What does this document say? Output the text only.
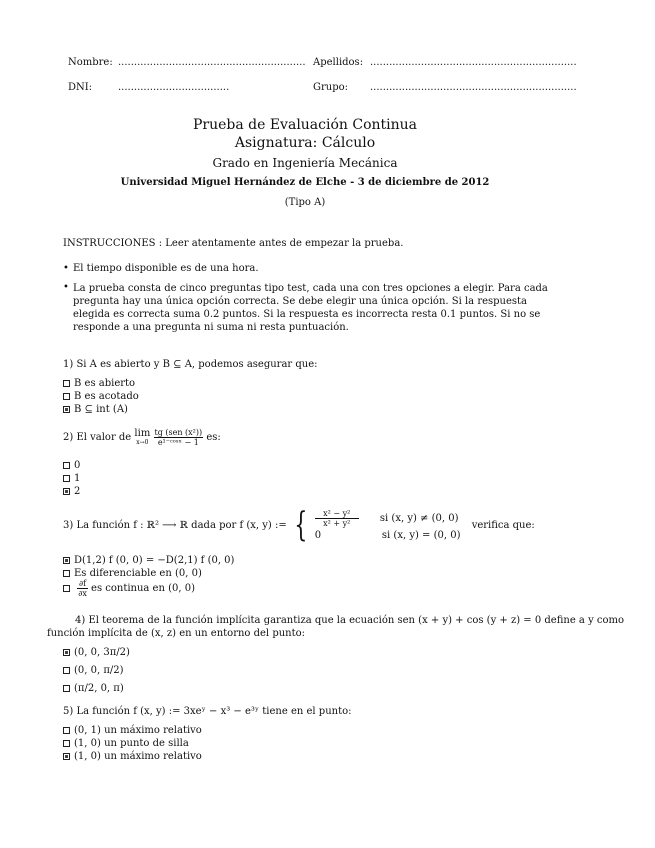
Nombre: ........................................................... Apellidos: .................................................................
DNI:	...................................	Grupo: .................................................................
Prueba de Evaluación Continua
Asignatura: Cálculo
Grado en Ingeniería Mecánica
Universidad Miguel Hernández de Elche - 3 de diciembre de 2012
(Tipo A)
INSTRUCCIONES : Leer atentamente antes de empezar la prueba.
• El tiempo disponible es de una hora.
• La prueba consta de cinco preguntas tipo test, cada una con tres opciones a elegir. Para cada pregunta hay una única opción correcta. Se debe elegir una única opción. Si la respuesta elegida es correcta suma 0.2 puntos. Si la respuesta es incorrecta resta 0.1 puntos. Si no se responde a una pregunta ni suma ni resta puntuación.
1) Si A es abierto y B ⊆ A, podemos asegurar que:
B es abierto
B es acotado
B ⊆ int (A)
2) El valor de lim
x→0
$\frac{\text{tg (sen (x²))}}{\text{e¹⁻ᶜᵒˢˣ − 1}}$ es:
0
1
2
3) La función f : ℝ² ⟶ ℝ dada por f (x, y) := { $\frac{\text{x² − y²}}{\text{x² + y²}}$ si (x, y) ≠ (0, 0)
0	si (x, y) = (0, 0)
verifica que:
D(1,2) f (0, 0) = −D(2,1) f (0, 0)
Es diferenciable en (0, 0)

$\frac{\partial f}{\partial x}$ es continua en (0, 0)
4) El teorema de la función implícita garantiza que la ecuación sen (x + y) + cos (y + z) = 0 define a y como
función implícita de (x, z) en un entorno del punto:
(0, 0, 3π/2)
(0, 0, π/2)
(π/2, 0, π)
5) La función f (x, y) := 3xeʸ − x³ − e³ʸ tiene en el punto:
(0, 1) un máximo relativo
(1, 0) un punto de silla
(1, 0) un máximo relativo
